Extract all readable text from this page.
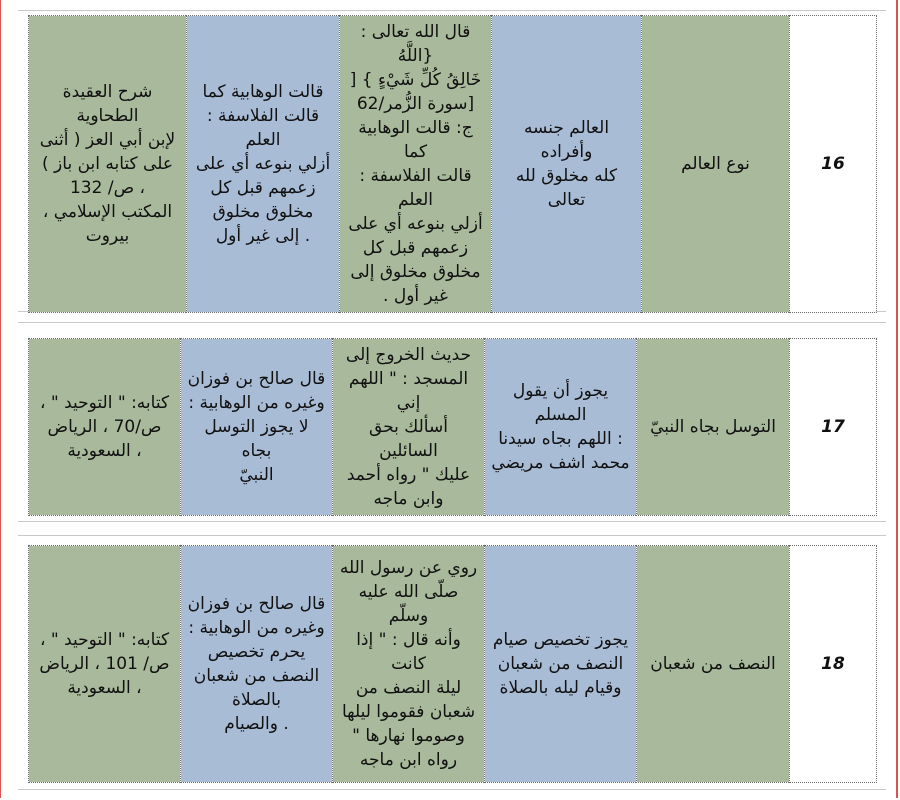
16	نوع العالم	العالم جنسه وأفراده
كله مخلوق لله تعالى	قال الله تعالى : {اللَّهُ
خَالِقُ كُلِّ شَيْءٍ } [
[سورة الزُّمر/62
ج: قالت الوهابية كما
قالت الفلاسفة : العلم
أزلي بنوعه أي على
زعمهم قبل كل
مخلوق مخلوق إلى
غير أول .	قالت الوهابية كما
قالت الفلاسفة : العلم
أزلي بنوعه أي على
زعمهم قبل كل
مخلوق مخلوق
. إلى غير أول	شرح العقيدة الطحاوية
لإبن أبي العز ( أثنى
على كتابه ابن باز )
، ص/ 132
المكتب الإسلامي ،
بيروت
17	التوسل بجاه النبيّ	يجوز أن يقول المسلم
: اللهم بجاه سيدنا
محمد اشف مريضي	حديث الخروج إلى
المسجد : " اللهم إني
أسألك بحق السائلين
عليك " رواه أحمد
وابن ماجه	قال صالح بن فوزان
وغيره من الوهابية :
لا يجوز التوسل بجاه
النبيّ	كتابه: " التوحيد " ،
ص/70 ، الرياض
، السعودية
18	النصف من شعبان	يجوز تخصيص صيام
النصف من شعبان
وقيام ليله بالصلاة	روي عن رسول الله
صلّى الله عليه وسلّم
وأنه قال : " إذا كانت
ليلة النصف من
شعبان فقوموا ليلها
وصوموا نهارها "
رواه ابن ماجه	قال صالح بن فوزان
وغيره من الوهابية :
يحرم تخصيص
النصف من شعبان
بالصلاة
. والصيام	كتابه: " التوحيد " ،
ص/ 101 ، الرياض
، السعودية
